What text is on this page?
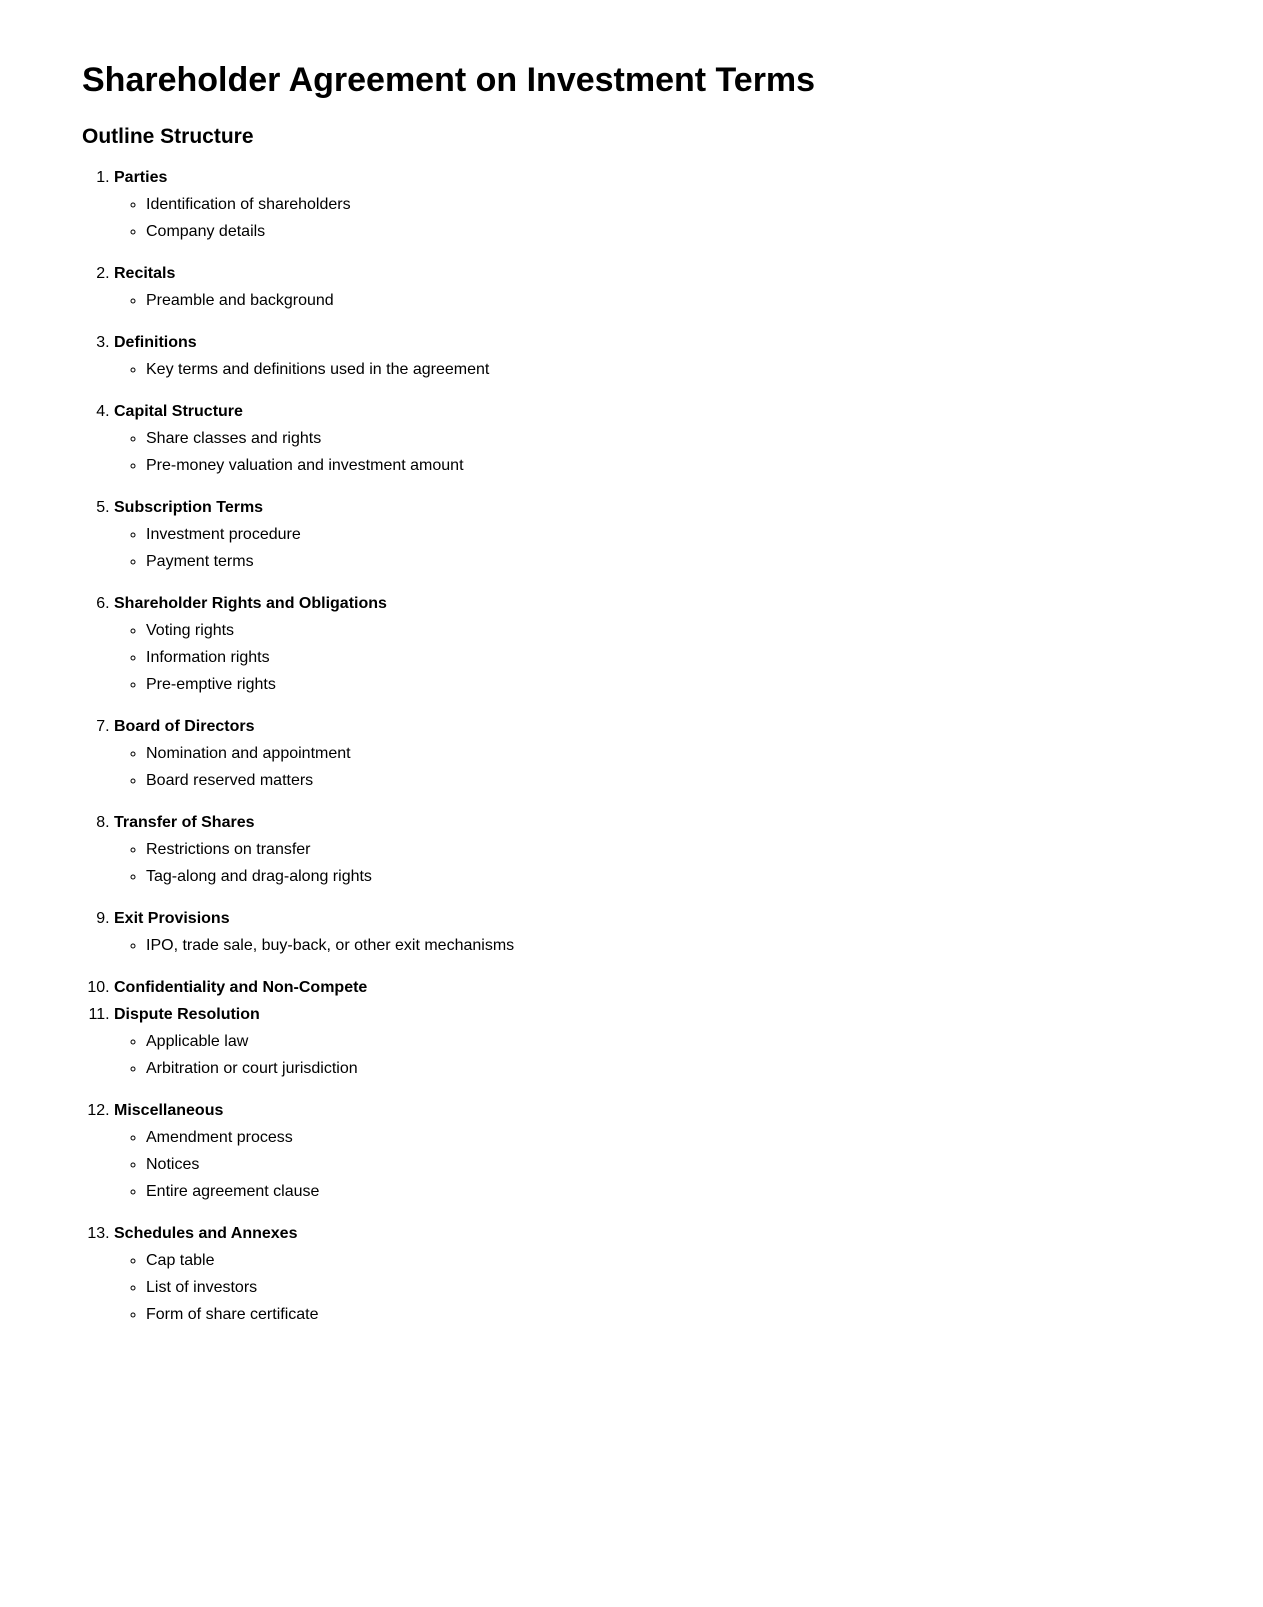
Shareholder Agreement on Investment Terms
Outline Structure
1. Parties
◦ Identification of shareholders
◦ Company details
2. Recitals
◦ Preamble and background
3. Definitions
◦ Key terms and definitions used in the agreement
4. Capital Structure
◦ Share classes and rights
◦ Pre-money valuation and investment amount
5. Subscription Terms
◦ Investment procedure
◦ Payment terms
6. Shareholder Rights and Obligations
◦ Voting rights
◦ Information rights
◦ Pre-emptive rights
7. Board of Directors
◦ Nomination and appointment
◦ Board reserved matters
8. Transfer of Shares
◦ Restrictions on transfer
◦ Tag-along and drag-along rights
9. Exit Provisions
◦ IPO, trade sale, buy-back, or other exit mechanisms
10. Confidentiality and Non-Compete
11. Dispute Resolution
◦ Applicable law
◦ Arbitration or court jurisdiction
12. Miscellaneous
◦ Amendment process
◦ Notices
◦ Entire agreement clause
13. Schedules and Annexes
◦ Cap table
◦ List of investors
◦ Form of share certificate
